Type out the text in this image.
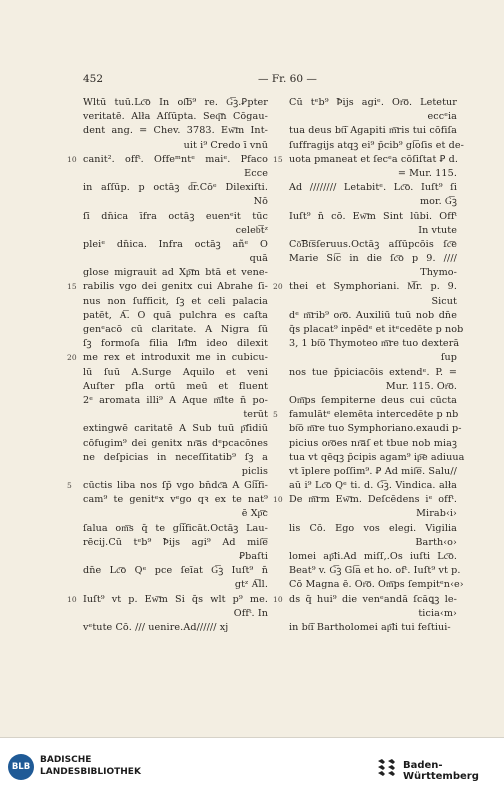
452	— Fr. 60 —
Wltū tuū.Lc͞o In oſ͞b⁹ re. G͞ꝫ.Ꝑpter
veritatē. Alła Aſſūpta. Seq͞n Cōgau-
dent ang. = Chev. 3783. Ew͞m Int-
uit i⁹ Credo ī vnū
10 canit². offᵗ. Offeᵐntᵉ maiᵉ. Pfaco
Ecce
in aſſūp. p octāꝫ d͞r.Cōᵉ Dilexiſti.
Nō
ſī dn̄ica īfra octāꝫ euenᵉit tūc
celeb͞tᶻ
pleiᵉ dn̄ica. Infra octāꝫ añᵉ O
quā
glose migrauit ad Xp͞m btā et vene-
15 rabilis vgo dei genitx cui Abrahe ſi-
nus non ſufficit, ſꝫ et celi palacia
patēt, A͞. O quā pulchra es caſta
genᵉacō cū claritate. A Nigra ſū
ſꝫ formoſa filia Ir͞lm ideo dilexit
20 me rex et introduxit me in cubicu-
lū ſuū A.Surge Aquilo et veni
Auſter pfla ortū meū et fluent
2ᵉ aromata illi⁹ A Aque m͞lte n̄ po-
terūt
extingwē caritatē A Sub tuū p͞ſidiū
cōfugim⁹ dei genitx nr͞as dᵉpcacōnes
ne deſpicias in neceſſitatib⁹ ſꝫ a
piclis
5 cūctis liba nos ſp̄ vgo bn̄dc͞a A Gl͞ifi-
cam⁹ te genitᵉx vᵉgo qꝛ ex te nat⁹
ē Xp͞c
ſalua om͞s q̄ te gl͞ificāt.Octāꝫ Lau-
rēcij.Cū tᵉb⁹ Ꝥijs agi⁹ Ad miſ͞e
Ꝑbaſti
dn̄e Lc͞o Qᵉ pce ſeīat G͞ꝫ Iuſt⁹ n̄
gtᶻ A͞ll.
10 Iuſt⁹ vt p. Ew͞m Si q̄s wlt p⁹ me.
Offᵗ. In
vᵉtute Cō. /// uenire.Ad////// xj
Cū tᵉb⁹ Ꝥijs agiᵉ. Or͞o. Letetur
eccᵉia
tua deus bt͞i Agapiti m͞ris tui cōfiſa
ſuffragijs atqꝫ ei⁹ p̄cib⁹ gl͞oſis et de-
15 uota pmaneat et ſecᵉa cōſiſtat Ꝑ d.
= Mur. 115.
Ad //////// Letabitᵉ. Lc͞o. Iuſt⁹ ſi
mor. G͞ꝫ
Iuſt⁹ n̄ cō. Ew͞m Sint lūbi. Offᵗ
In vtute
Cō͞Bt͞sſeruus.Octāꝫ aſſūpcōis ſc͞e
Marie Si͞c in die ſc͞o p 9. ////
Thymo-
20 thei et Symphoriani. M͞r. p. 9.
Sicut
dᵉ m͞rib⁹ or͞o. Auxiliū tuū nob dn̄e
q̄s placat⁹ inpēdᵉ et itᵉcedēte p nob
3, 1 bt͞o Thymoteo m͞re tuo dexterā
ſup
nos tue p̄piciacōis extendᵉ. P. =
Mur. 115. Or͞o.
Om͞ps ſempiterne deus cui cūcta
5 famulātᵉ elemēta intercedēte p nb
bt͞o m͞re tuo Symphoriano.exaudi p-
picius or͞oes nr͞aſ et tbue nob miaꝫ
tua vt qēqꝫ p̄cipis agam⁹ ip͞e adiuua
vt īplere poſſim⁹. Ꝑ Ad miſ͞e. Salu//
aū i⁹ Lc͞o Qᵉ ti. d. G͞ꝫ. Vindica. alła
10 De m͞rm Ew͞m. Deſcēdens iᵉ offᵗ.
Mirab‹i›
lis Cō. Ego vos elegi. Vigilia
Barth‹o›
lomei ap͞li.Ad miſſ,.Os iuſti Lc͞o.
Beat⁹ v. G͞ꝫ Gl͞a et ho. ofᵗ. Iuſt⁹ vt p.
Cō Magna ē. Or͞o. Om͞ps ſempitᵉn‹e›
10 ds q̄ hui⁹ die venᵉandā ſcāꝗꝫ le-
ticia‹m›
in bt͞i Bartholomei ap͞li tui feſtiui-
BLB
BADISCHE
LANDESBIBLIOTHEK
Baden-Württemberg
